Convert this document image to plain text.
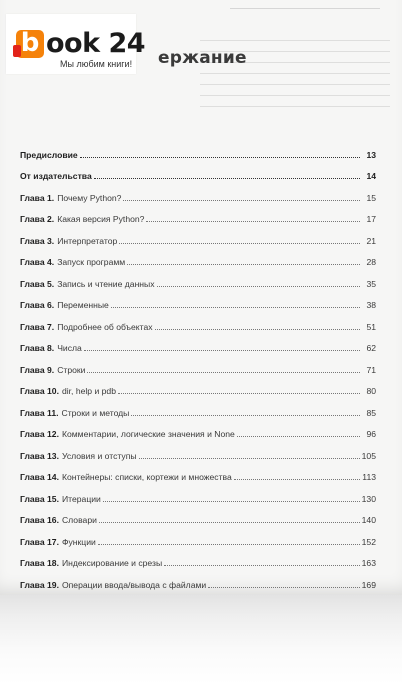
b ook 24
Мы любим книги! ержание
Предисловие	13
От издательства	14
Глава 1. Почему Python?	15
Глава 2. Какая версия Python?	17
Глава 3. Интерпретатор	21
Глава 4. Запуск программ	28
Глава 5. Запись и чтение данных	35
Глава 6. Переменные	38
Глава 7. Подробнее об объектах	51
Глава 8. Числа	62
Глава 9. Строки	71
Глава 10. dir, help и pdb	80
Глава 11. Строки и методы	85
Глава 12. Комментарии, логические значения и None	96
Глава 13. Условия и отступы	105
Глава 14. Контейнеры: списки, кортежи и множества	113
Глава 15. Итерации	130
Глава 16. Словари	140
Глава 17. Функции	152
Глава 18. Индексирование и срезы	163
Глава 19. Операции ввода/вывода с файлами	169
